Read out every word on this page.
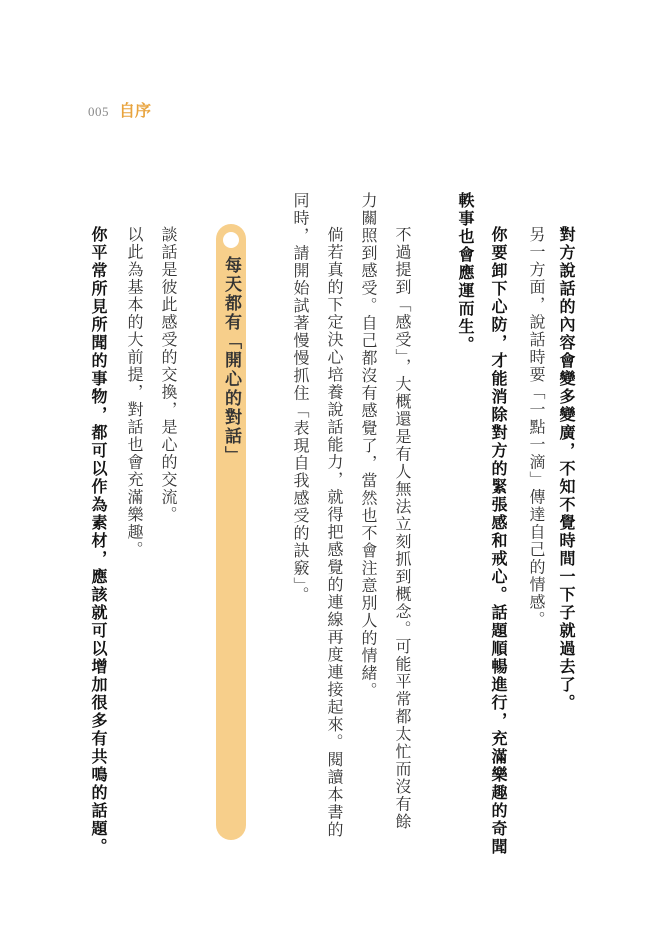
005 自序
對方說話的內容會變多變廣，不知不覺時間一下子就過去了。
另一方面，說話時要「一點一滴」傳達自己的情感。
你要卸下心防，才能消除對方的緊張感和戒心。話題順暢進行，充滿樂趣的奇聞
軼事也會應運而生。
不過提到「感受」，大概還是有人無法立刻抓到概念。可能平常都太忙而沒有餘
力關照到感受。自己都沒有感覺了，當然也不會注意別人的情緒。
倘若真的下定決心培養說話能力，就得把感覺的連線再度連接起來。閱讀本書的
同時，請開始試著慢慢抓住「表現自我感受的訣竅」。
每天都有「開心的對話」
談話是彼此感受的交換，是心的交流。
以此為基本的大前提，對話也會充滿樂趣。
你平常所見所聞的事物，都可以作為素材，應該就可以增加很多有共鳴的話題。
